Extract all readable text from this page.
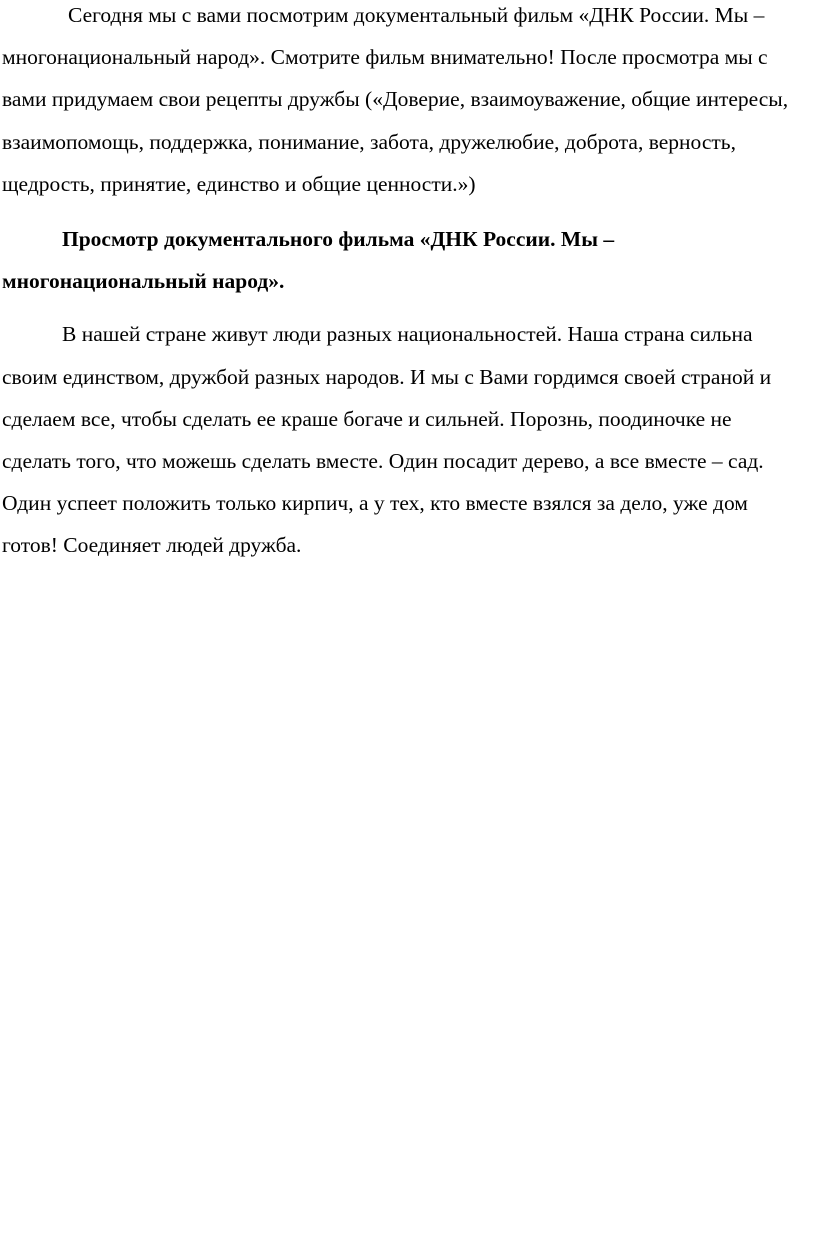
Сегодня мы с вами посмотрим документальный фильм «ДНК России. Мы – многонациональный народ». Смотрите фильм внимательно! После просмотра мы с вами придумаем свои рецепты дружбы («Доверие, взаимоуважение, общие интересы, взаимопомощь, поддержка, понимание, забота, дружелюбие, доброта, верность, щедрость, принятие, единство и общие ценности.»)

Просмотр документального фильма «ДНК России. Мы – многонациональный народ».

В нашей стране живут люди разных национальностей. Наша страна сильна своим единством, дружбой разных народов. И мы с Вами гордимся своей страной и сделаем все, чтобы сделать ее краше богаче и сильней. Порознь, поодиночке не сделать того, что можешь сделать вместе. Один посадит дерево, а все вместе – сад. Один успеет положить только кирпич, а у тех, кто вместе взялся за дело, уже дом готов! Соединяет людей дружба.
